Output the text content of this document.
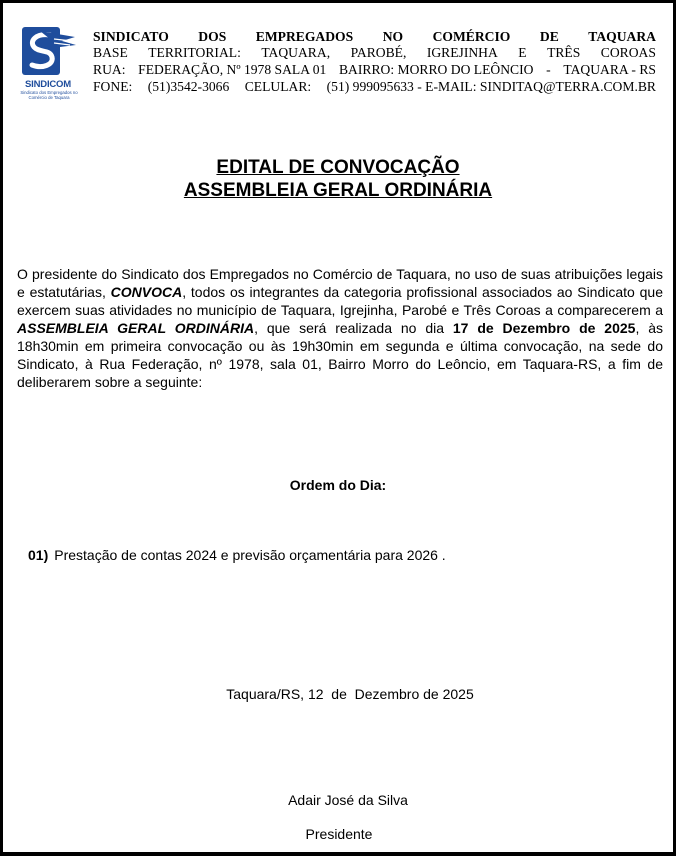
SINDICOM
Sindicato dos Empregados no Comércio de Taquara
SINDICATO DOS EMPREGADOS NO COMÉRCIO DE TAQUARA
BASE TERRITORIAL: TAQUARA, PAROBÉ, IGREJINHA E TRÊS COROAS
RUA: FEDERAÇÃO, Nº 1978 SALA 01 BAIRRO: MORRO DO LEÔNCIO - TAQUARA - RS
FONE: (51)3542-3066 CELULAR: (51) 999095633 - E-MAIL: SINDITAQ@TERRA.COM.BR
EDITAL DE CONVOCAÇÃO
ASSEMBLEIA GERAL ORDINÁRIA

O presidente do Sindicato dos Empregados no Comércio de Taquara, no uso de suas atribuições legais e estatutárias, CONVOCA, todos os integrantes da categoria profissional associados ao Sindicato que exercem suas atividades no município de Taquara, Igrejinha, Parobé e Três Coroas a comparecerem a ASSEMBLEIA GERAL ORDINÁRIA, que será realizada no dia 17 de Dezembro de 2025, às 18h30min em primeira convocação ou às 19h30min em segunda e última convocação, na sede do Sindicato, à Rua Federação, nº 1978, sala 01, Bairro Morro do Leôncio, em Taquara-RS, a fim de deliberarem sobre a seguinte:

Ordem do Dia:
01) Prestação de contas 2024 e previsão orçamentária para 2026 .
Taquara/RS, 12  de  Dezembro de 2025
Adair José da Silva
Presidente
